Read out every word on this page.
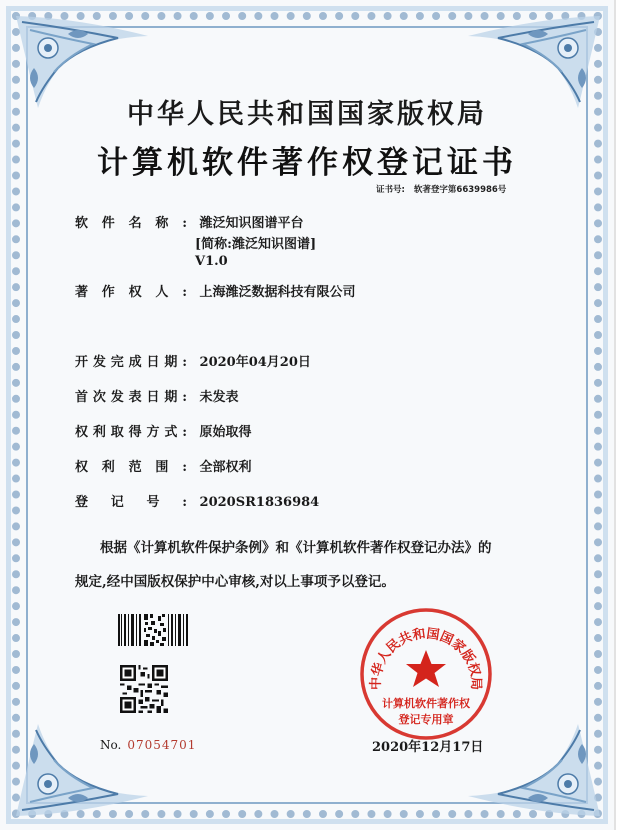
中华人民共和国国家版权局
计算机软件著作权登记证书
证书号: 软著登字第6639986号
软件名称: 潍泛知识图谱平台
[简称:潍泛知识图谱]
V1.0
著作权人: 上海潍泛数据科技有限公司
开发完成日期: 2020年04月20日
首次发表日期: 未发表
权利取得方式: 原始取得
权利范围: 全部权利
登记号: 2020SR1836984
根据《计算机软件保护条例》和《计算机软件著作权登记办法》的
规定,经中国版权保护中心审核,对以上事项予以登记。
No. 07054701
中华人民共和国国家版权局
计算机软件著作权
登记专用章
2020年12月17日
